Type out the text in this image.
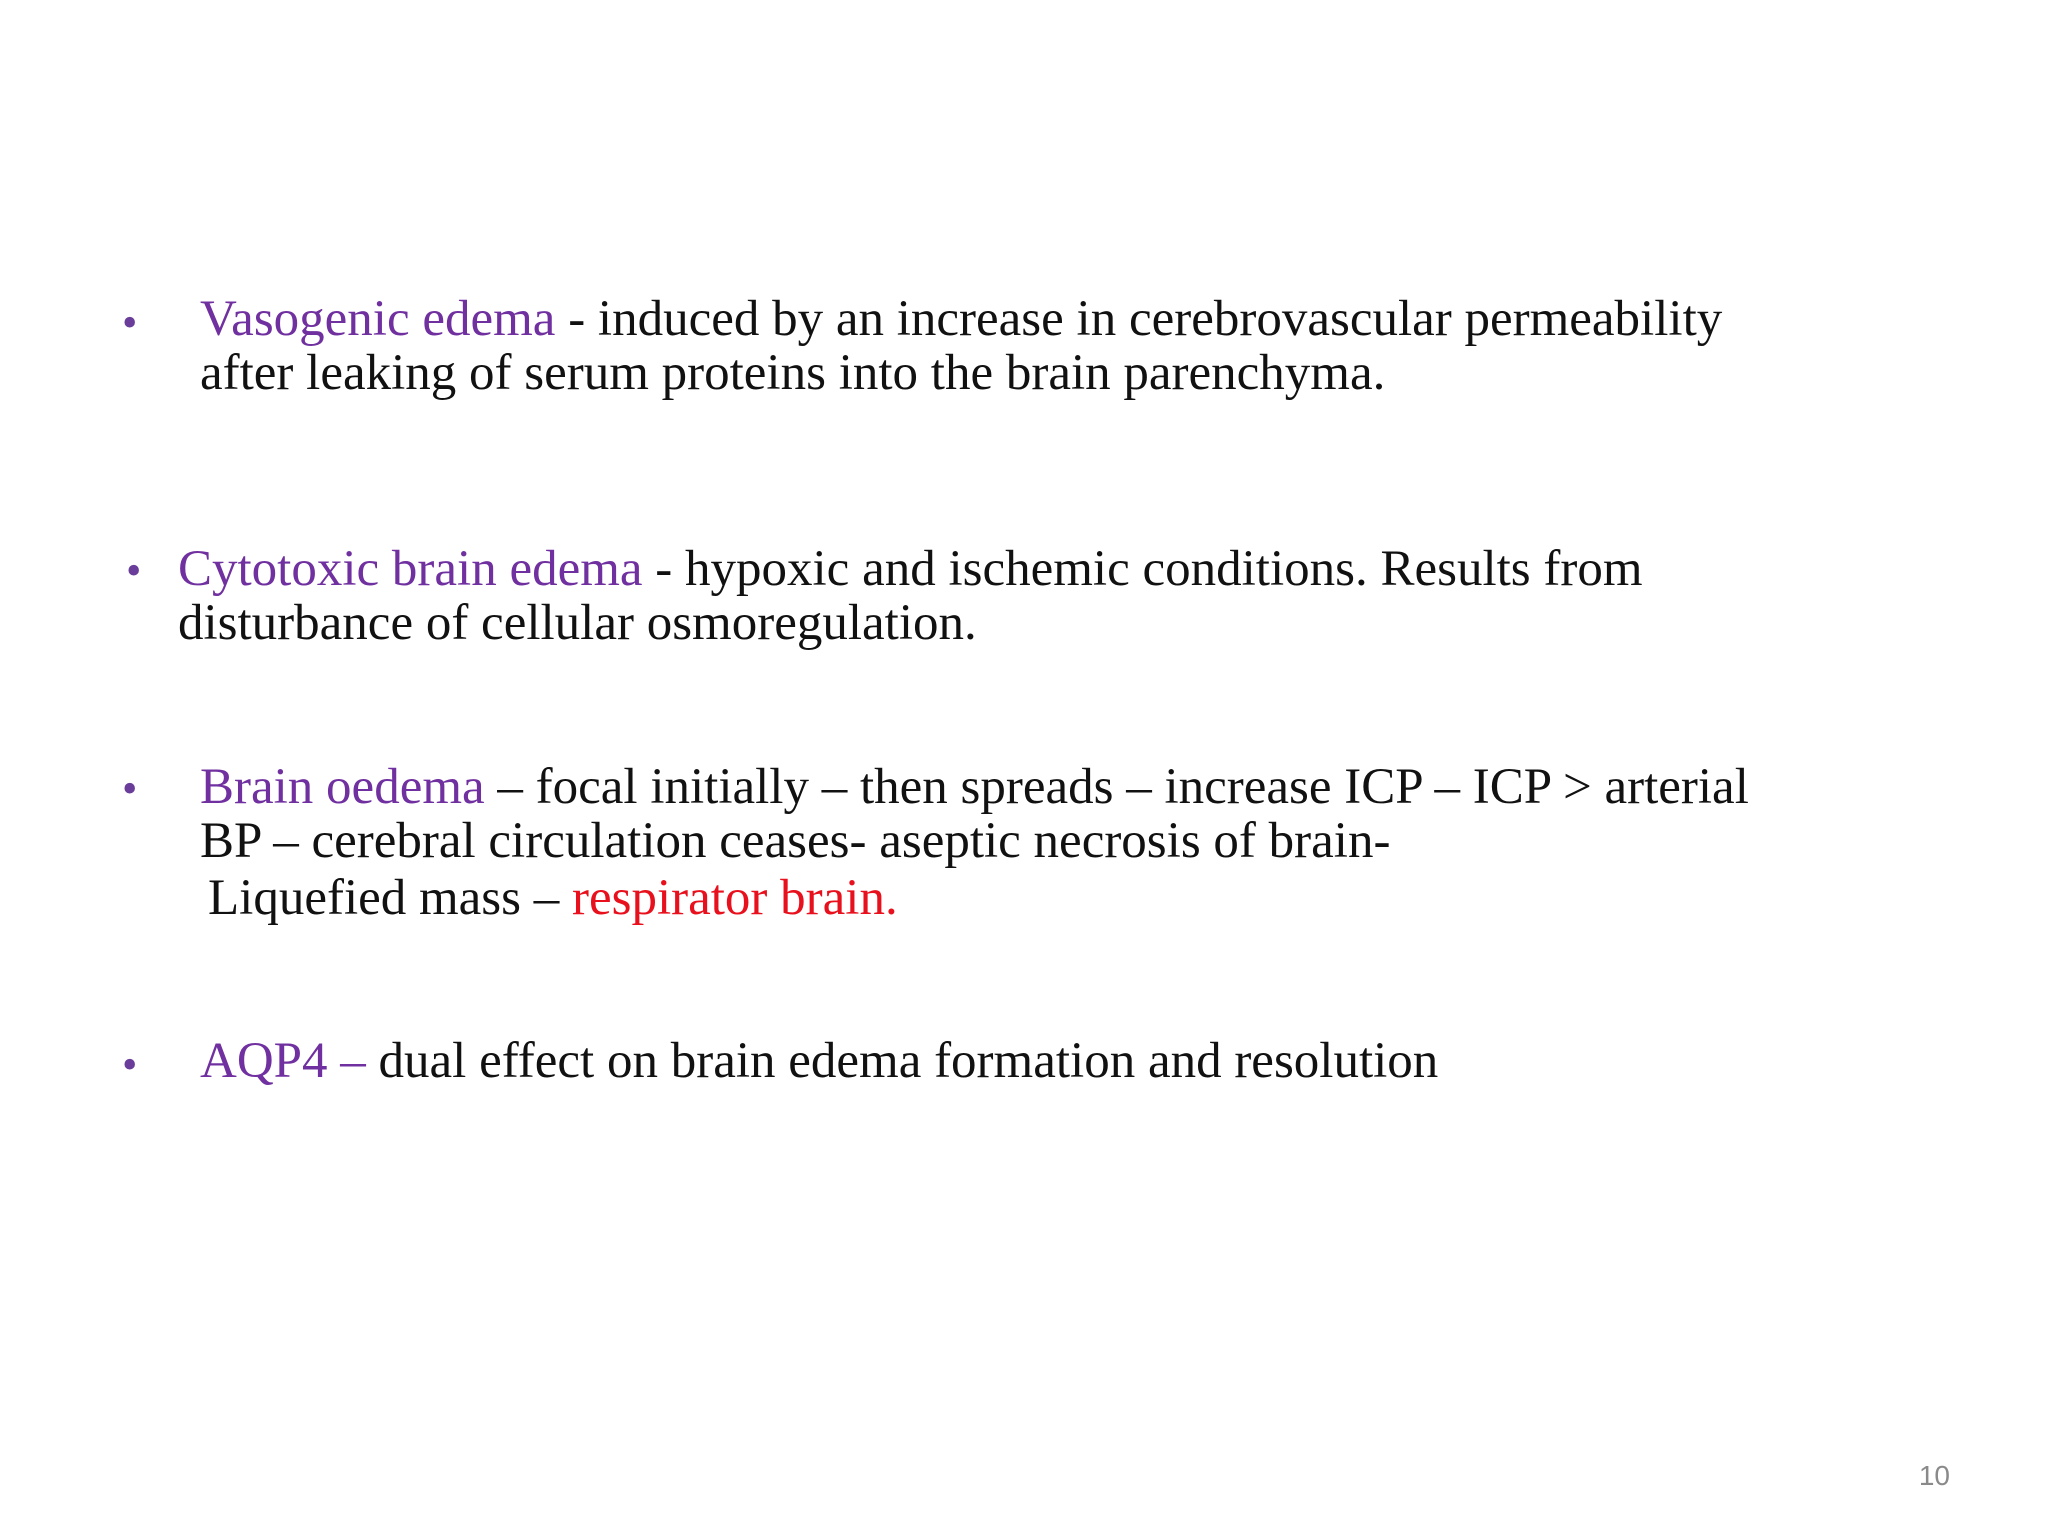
• Vasogenic edema - induced by an increase in cerebrovascular permeability
after leaking of serum proteins into the brain parenchyma.
• Cytotoxic brain edema - hypoxic and ischemic conditions. Results from
disturbance of cellular osmoregulation.
• Brain oedema – focal initially – then spreads – increase ICP – ICP > arterial
BP – cerebral circulation ceases- aseptic necrosis of brain-
Liquefied mass – respirator brain.
• AQP4 – dual effect on brain edema formation and resolution
10
